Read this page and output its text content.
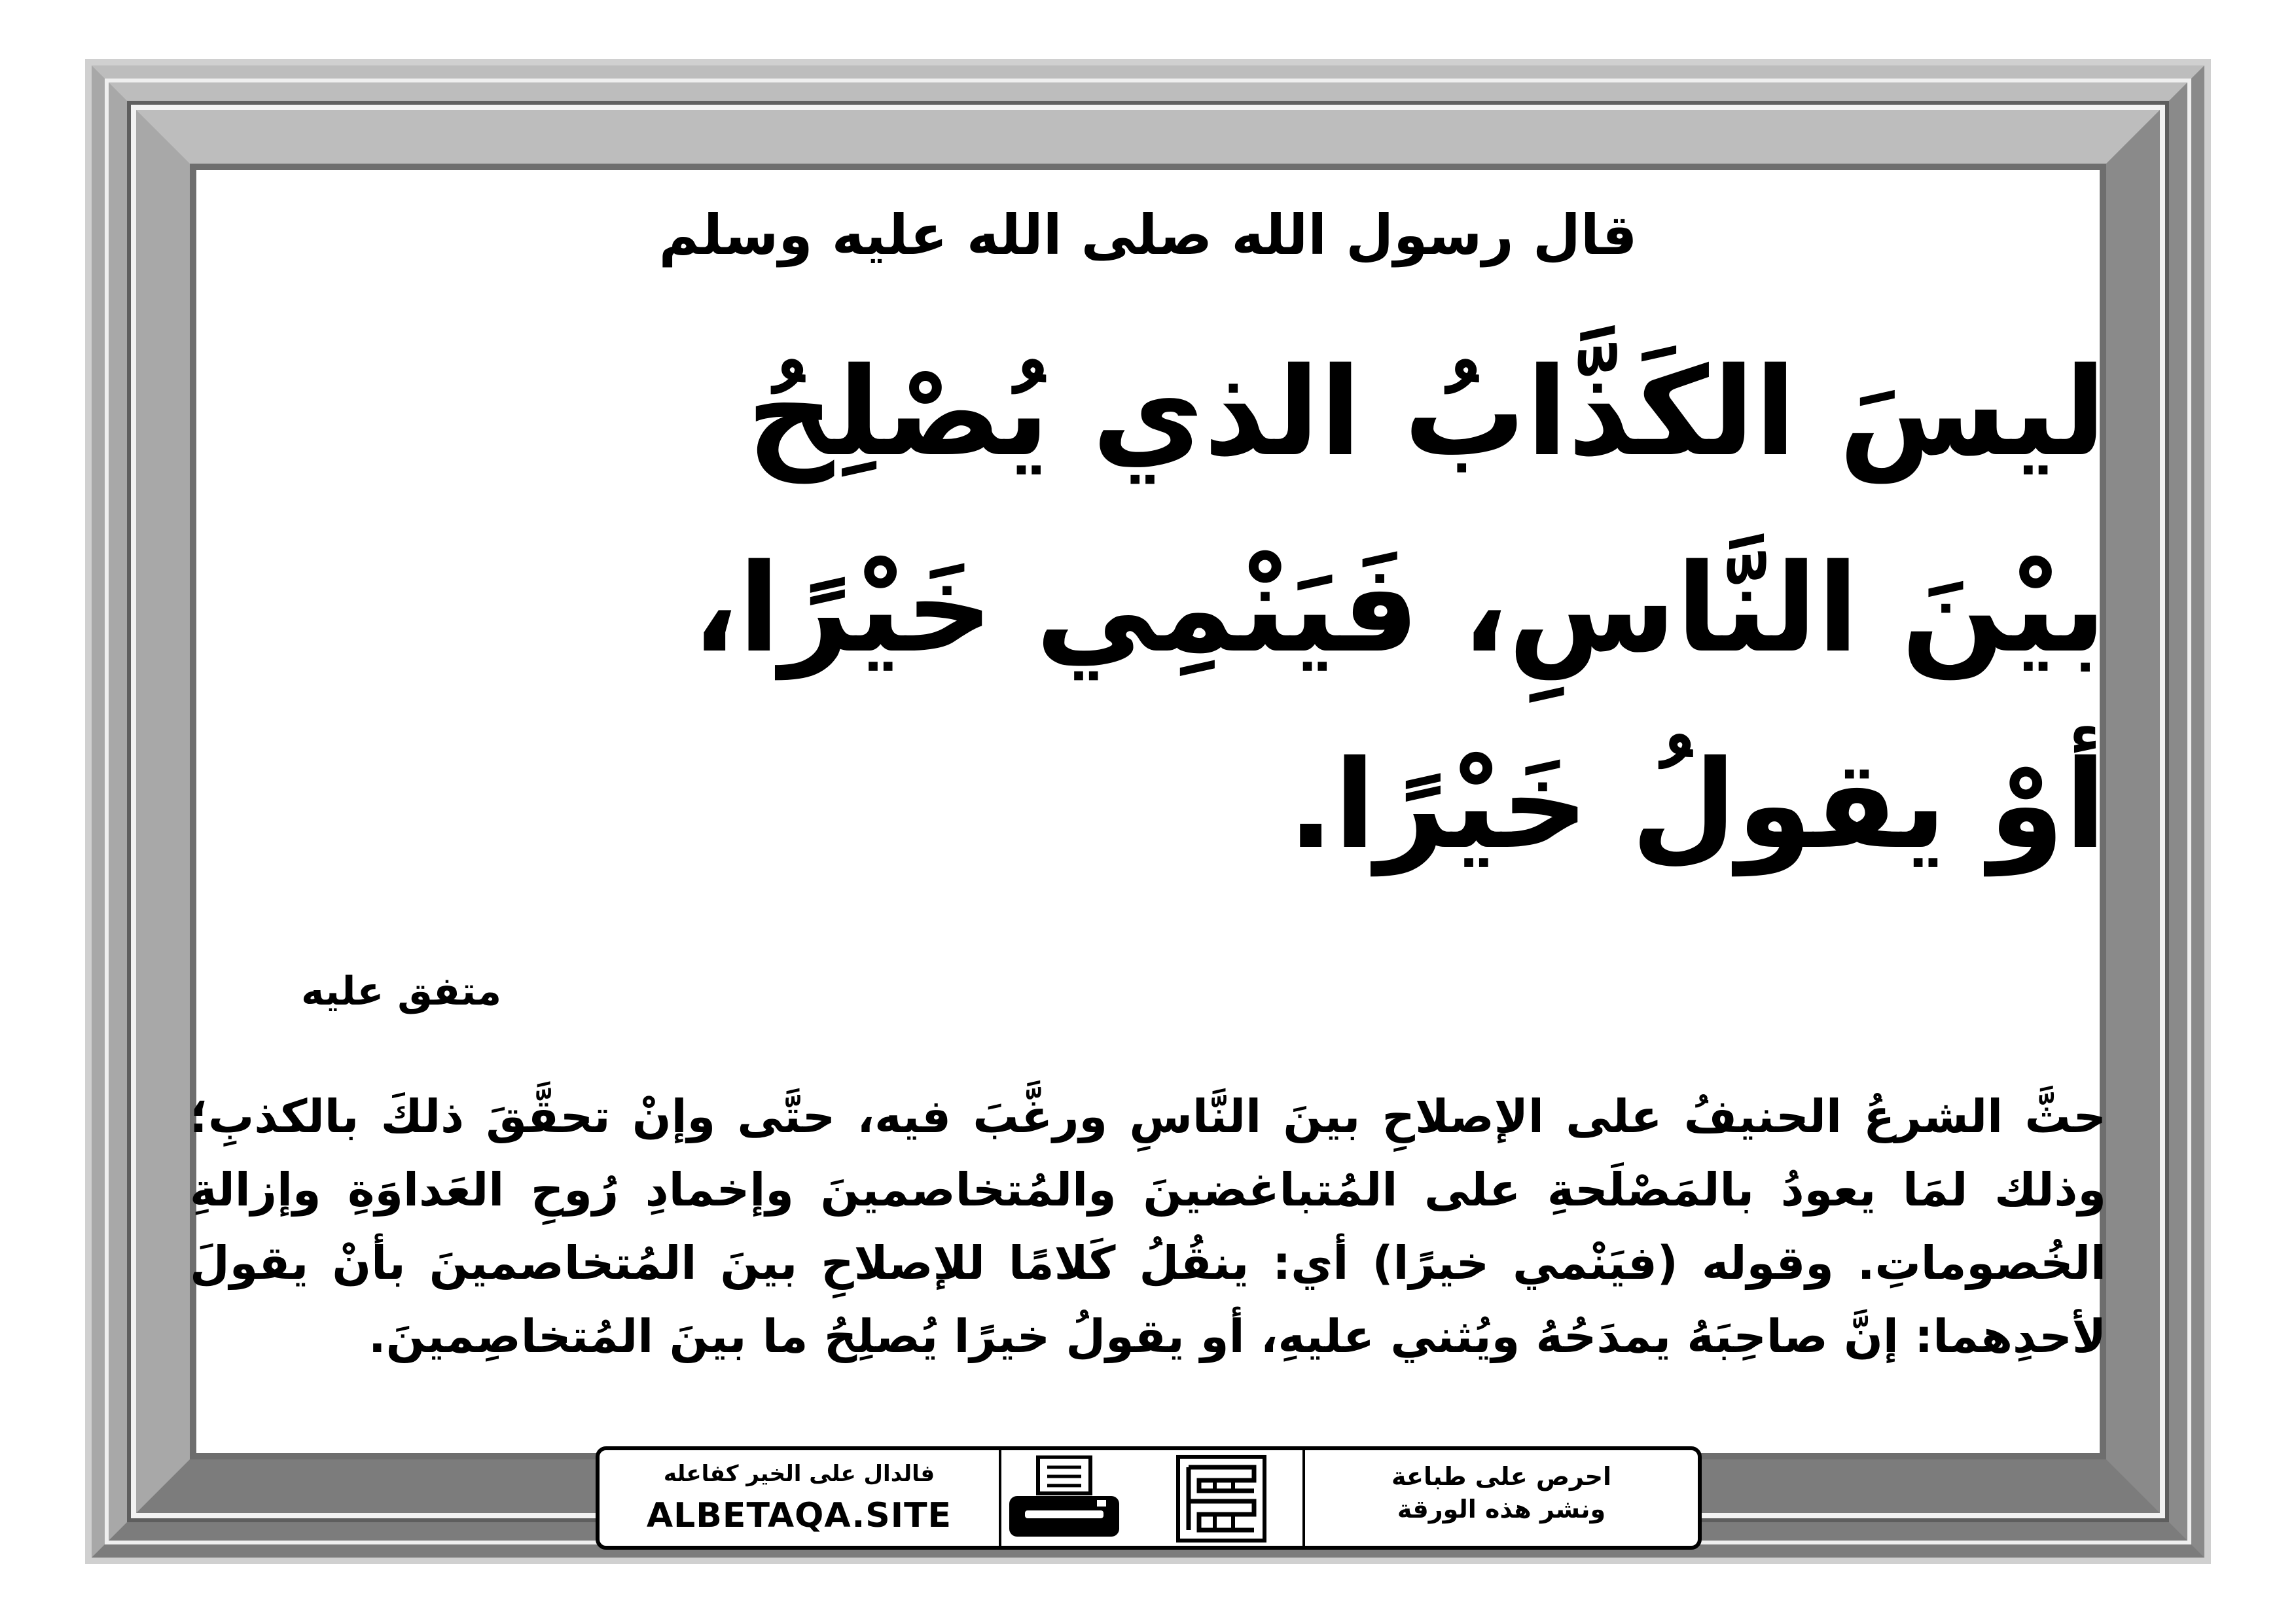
قال رسول الله صلى الله عليه وسلم
ليسَ الكَذَّابُ الذي يُصْلِحُ
بيْنَ النَّاسِ، فَيَنْمِي خَيْرًا،
أوْ يقولُ خَيْرًا.
متفق عليه
حثَّ الشرعُ الحنيفُ على الإصلاحِ بينَ النَّاسِ ورغَّبَ فيه، حتَّى وإنْ تحقَّقَ ذلكَ بالكذبِ؛ وذلك لمَا يعودُ بالمَصْلَحةِ على المُتباغضينَ والمُتخاصمينَ وإخمادِ رُوحِ العَداوَةِ وإزالةِ الخُصوماتِ. وقوله (فيَنْمي خيرًا) أي: ينقُلُ كَلامًا للإصلاحِ بينَ المُتخاصمينَ بأنْ يقولَ لأحدِهما: إنَّ صاحِبَهُ يمدَحُهُ ويُثني عليهِ، أو يقولُ خيرًا يُصلِحُ ما بينَ المُتخاصِمينَ.
فالدال على الخير كفاعله
ALBETAQA.SITE
احرص على طباعة
ونشر هذه الورقة
